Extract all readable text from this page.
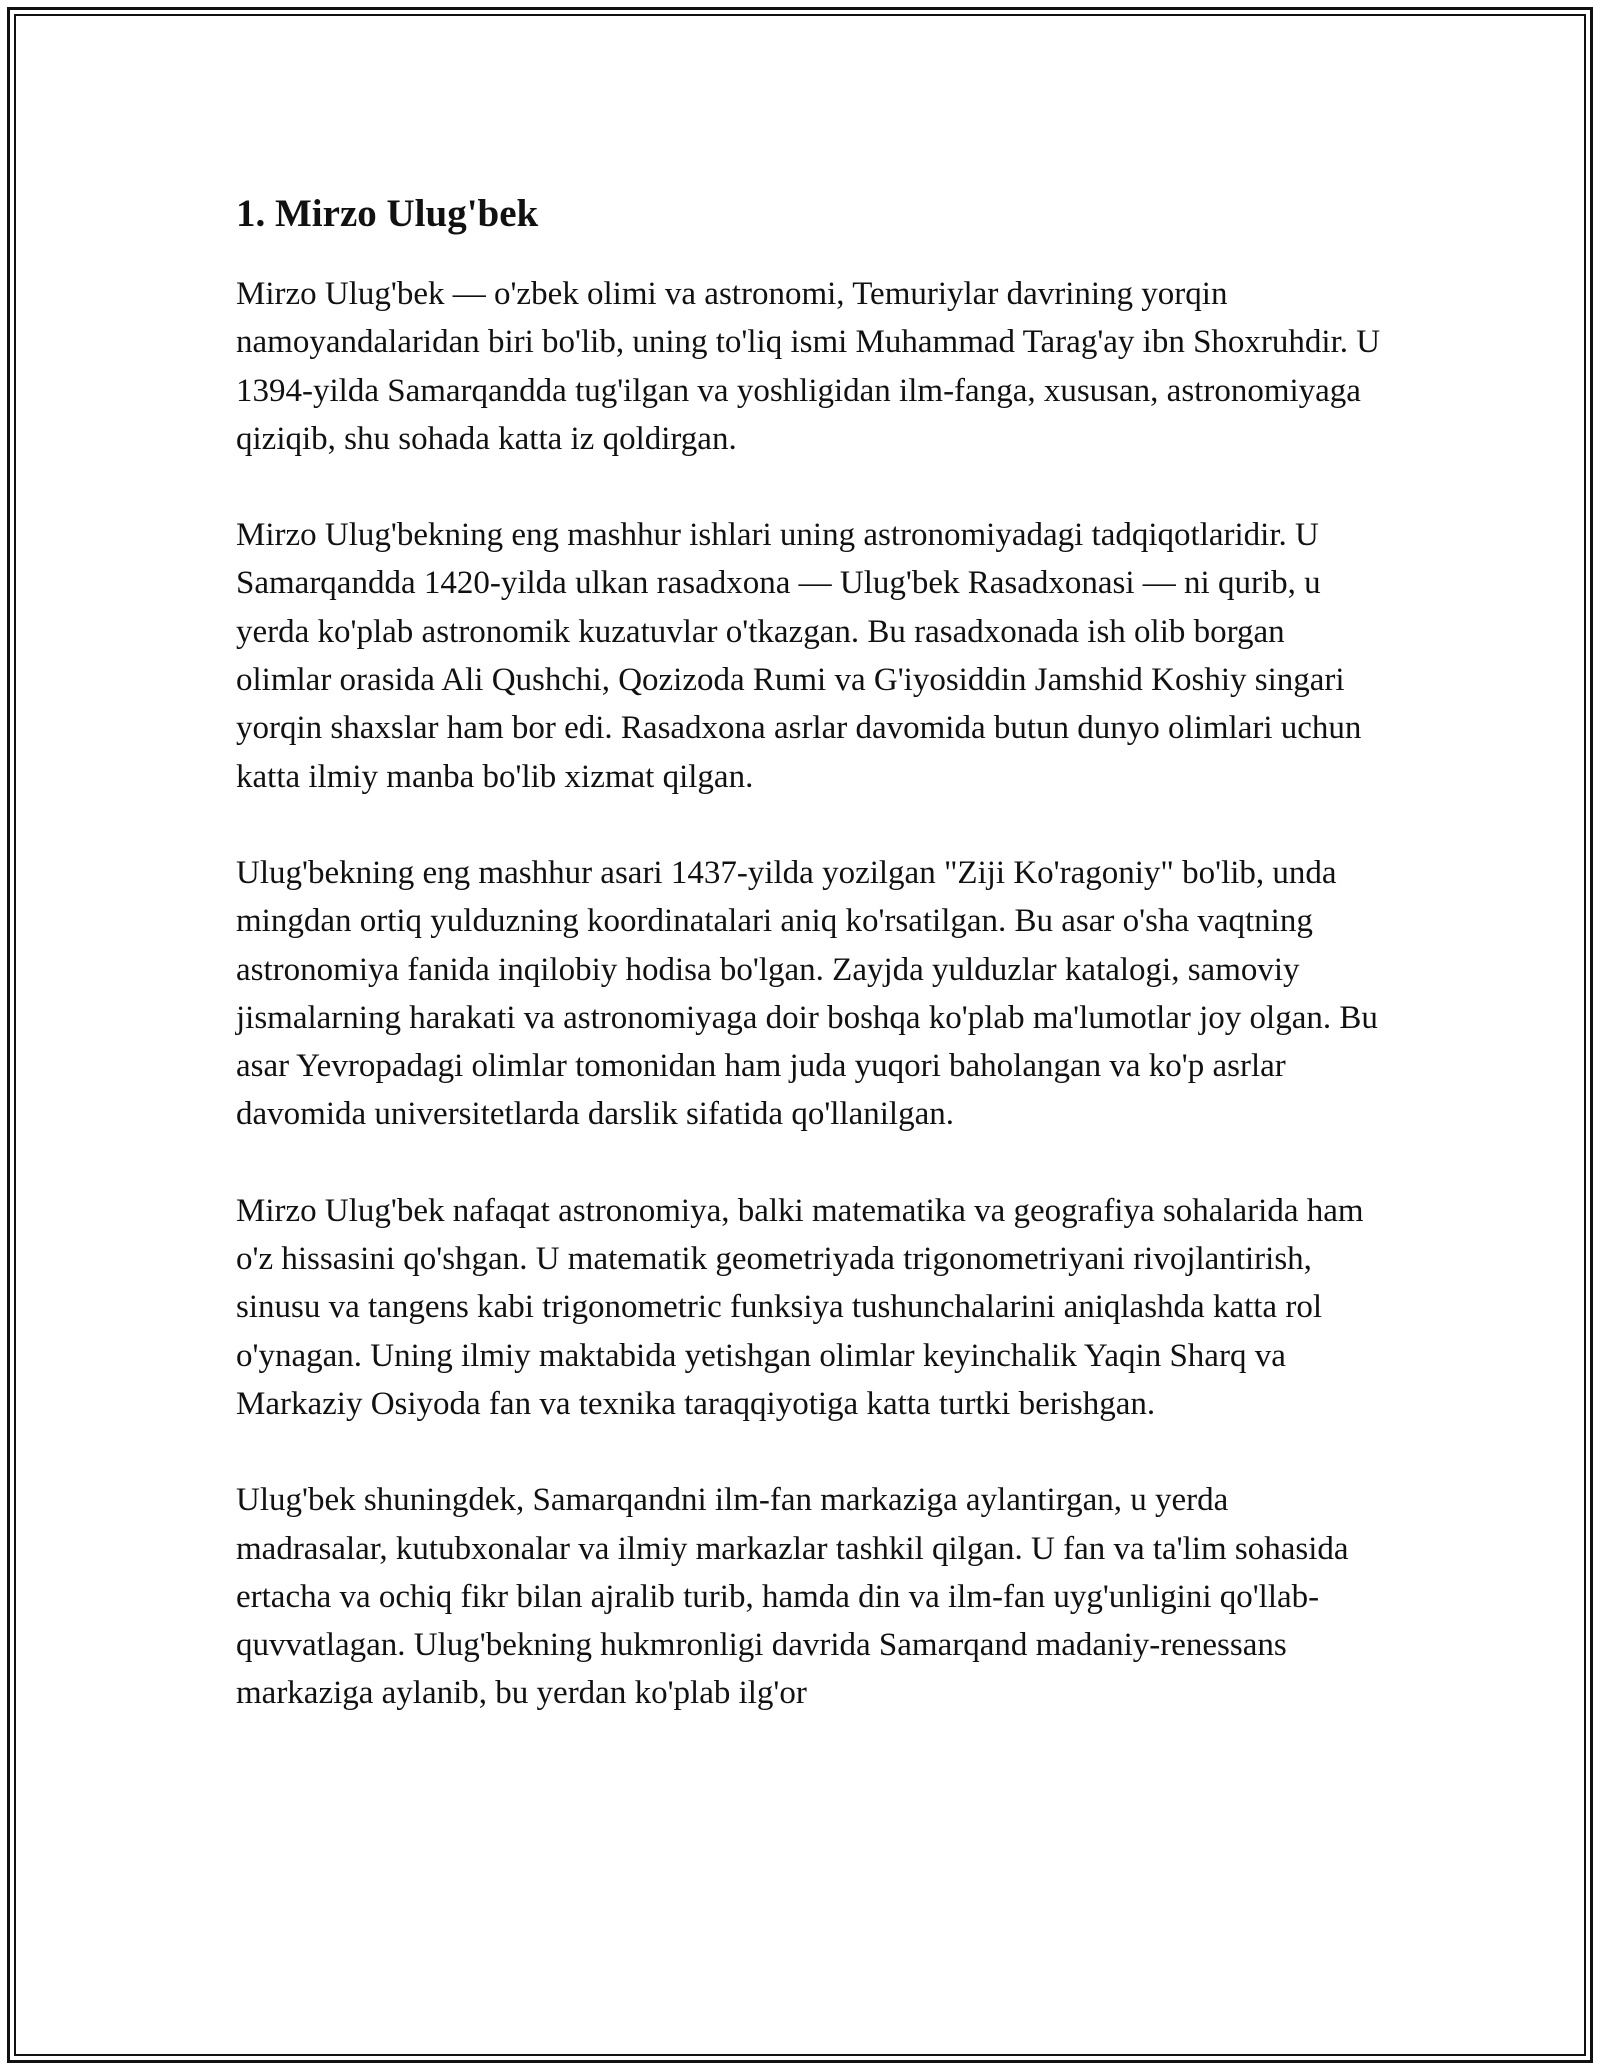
1. Mirzo Ulug'bek

Mirzo Ulug'bek — o'zbek olimi va astronomi, Temuriylar davrining yorqin namoyandalaridan biri bo'lib, uning to'liq ismi Muhammad Tarag'ay ibn Shoxruhdir. U 1394-yilda Samarqandda tug'ilgan va yoshligidan ilm-fanga, xususan, astronomiyaga qiziqib, shu sohada katta iz qoldirgan.

Mirzo Ulug'bekning eng mashhur ishlari uning astronomiyadagi tadqiqotlaridir. U Samarqandda 1420-yilda ulkan rasadxona — Ulug'bek Rasadxonasi — ni qurib, u yerda ko'plab astronomik kuzatuvlar o'tkazgan. Bu rasadxonada ish olib borgan olimlar orasida Ali Qushchi, Qozizoda Rumi va G'iyosiddin Jamshid Koshiy singari yorqin shaxslar ham bor edi. Rasadxona asrlar davomida butun dunyo olimlari uchun katta ilmiy manba bo'lib xizmat qilgan.

Ulug'bekning eng mashhur asari 1437-yilda yozilgan "Ziji Ko'ragoniy" bo'lib, unda mingdan ortiq yulduzning koordinatalari aniq ko'rsatilgan. Bu asar o'sha vaqtning astronomiya fanida inqilobiy hodisa bo'lgan. Zayjda yulduzlar katalogi, samoviy jismalarning harakati va astronomiyaga doir boshqa ko'plab ma'lumotlar joy olgan. Bu asar Yevropadagi olimlar tomonidan ham juda yuqori baholangan va ko'p asrlar davomida universitetlarda darslik sifatida qo'llanilgan.

Mirzo Ulug'bek nafaqat astronomiya, balki matematika va geografiya sohalarida ham o'z hissasini qo'shgan. U matematik geometriyada trigonometriyani rivojlantirish, sinusu va tangens kabi trigonometric funksiya tushunchalarini aniqlashda katta rol o'ynagan. Uning ilmiy maktabida yetishgan olimlar keyinchalik Yaqin Sharq va Markaziy Osiyoda fan va texnika taraqqiyotiga katta turtki berishgan.

Ulug'bek shuningdek, Samarqandni ilm-fan markaziga aylantirgan, u yerda madrasalar, kutubxonalar va ilmiy markazlar tashkil qilgan. U fan va ta'lim sohasida ertacha va ochiq fikr bilan ajralib turib, hamda din va ilm-fan uyg'unligini qo'llab-quvvatlagan. Ulug'bekning hukmronligi davrida Samarqand madaniy-renessans markaziga aylanib, bu yerdan ko'plab ilg'or
